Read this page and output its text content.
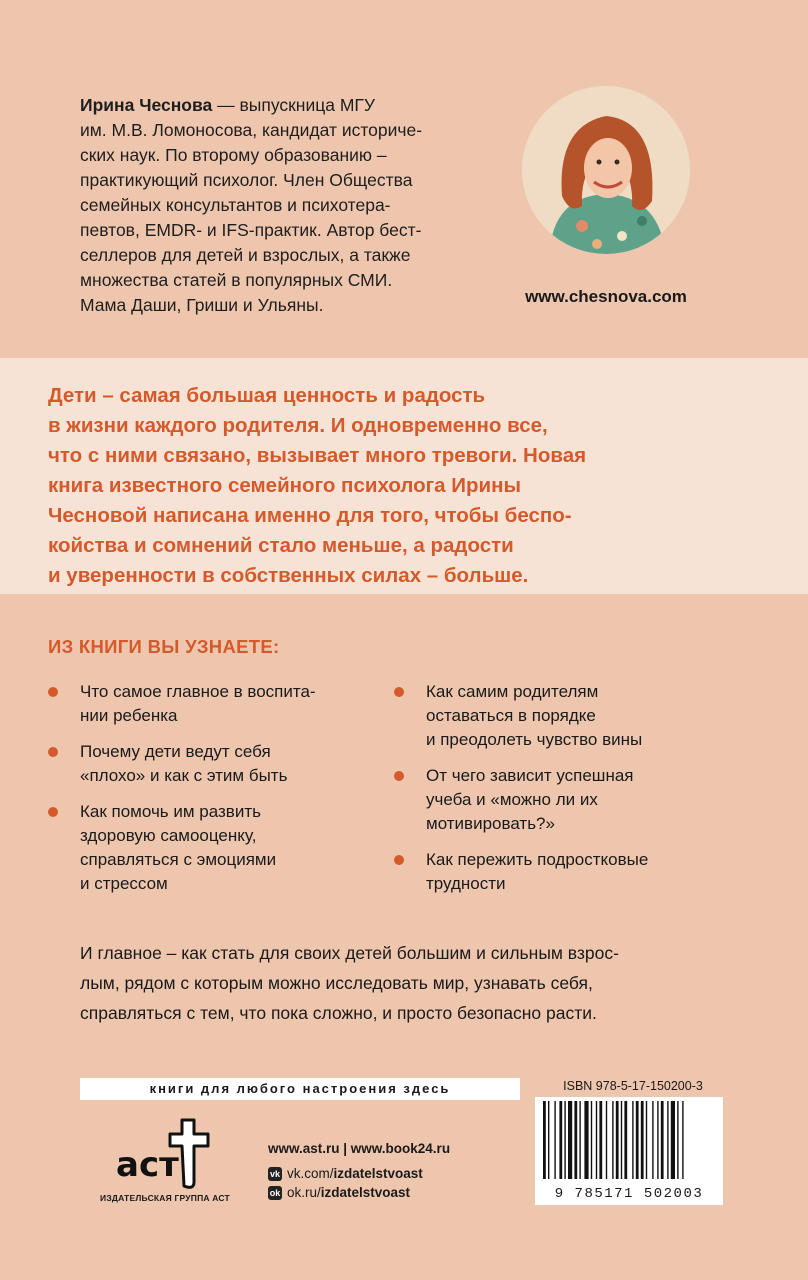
Ирина Чеснова — выпускница МГУ
им. М.В. Ломоносова, кандидат историче-
ских наук. По второму образованию –
практикующий психолог. Член Общества
семейных консультантов и психотера-
певтов, EMDR- и IFS-практик. Автор бест-
селлеров для детей и взрослых, а также
множества статей в популярных СМИ.
Мама Даши, Гриши и Ульяны.	www.chesnova.com
Дети – самая большая ценность и радость
в жизни каждого родителя. И одновременно все,
что с ними связано, вызывает много тревоги. Новая
книга известного семейного психолога Ирины
Чесновой написана именно для того, чтобы беспо-
койства и сомнений стало меньше, а радости
и уверенности в собственных силах – больше.
ИЗ КНИГИ ВЫ УЗНАЕТЕ:
Что самое главное в воспита-
нии ребенка
Почему дети ведут себя
«плохо» и как с этим быть
Как помочь им развить
здоровую самооценку,
справляться с эмоциями
и стрессом
Как самим родителям
оставаться в порядке
и преодолеть чувство вины
От чего зависит успешная
учеба и «можно ли их
мотивировать?»
Как пережить подростковые
трудности
И главное – как стать для своих детей большим и сильным взрос-
лым, рядом с которым можно исследовать мир, узнавать себя,
справляться с тем, что пока сложно, и просто безопасно расти.
книги для любого настроения здесь
аст
ИЗДАТЕЛЬСКАЯ ГРУППА АСТ
www.ast.ru | www.book24.ru
vk vk.com/ izdatelstvoast
ok ok.ru/ izdatelstvoast
ISBN 978-5-17-150200-3
9 785171 502003
